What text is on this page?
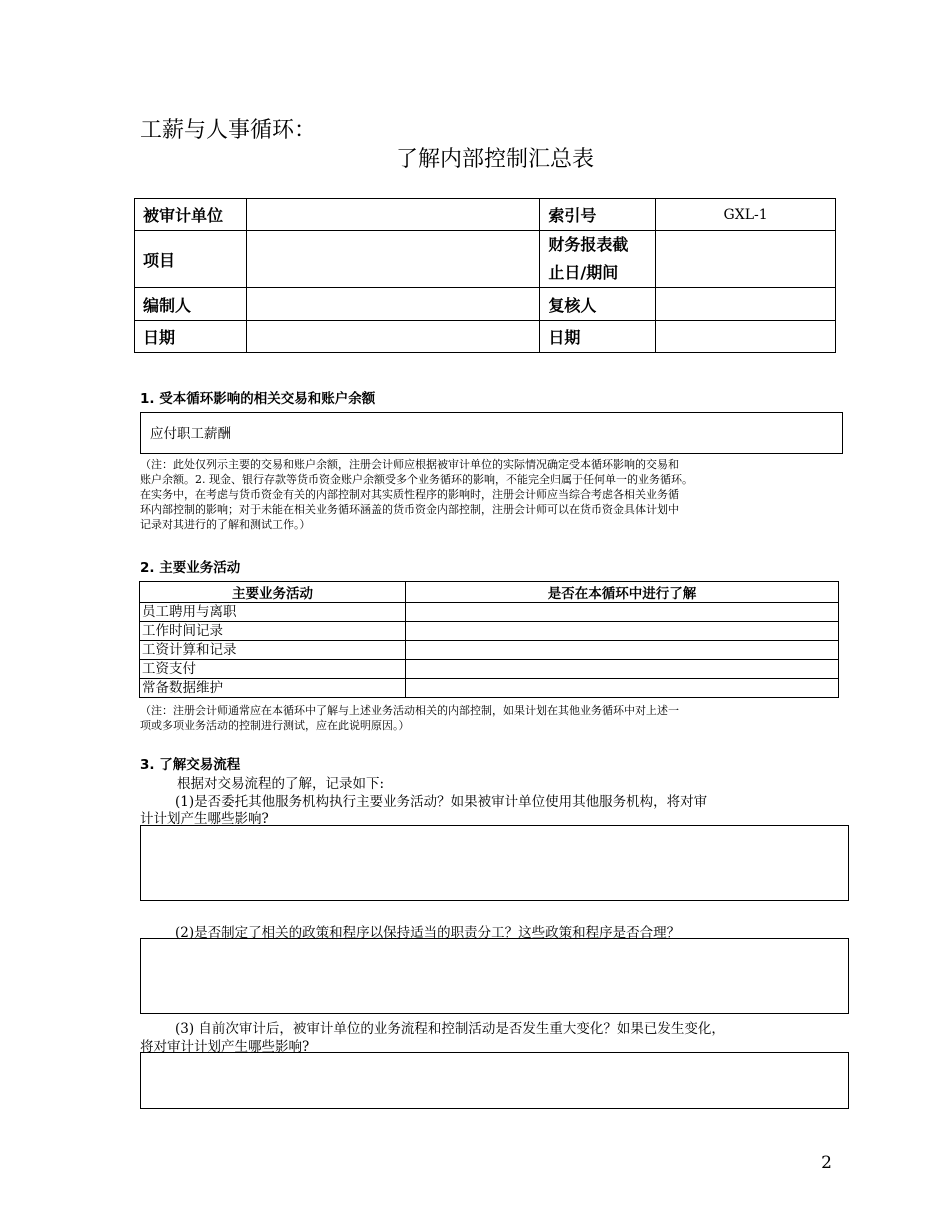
工薪与人事循环：
了解内部控制汇总表
被审计单位		索引号	GXL-1
项目		财务报表截
止日/期间	
编制人		复核人	
日期		日期	
1. 受本循环影响的相关交易和账户余额
应付职工薪酬
（注：此处仅列示主要的交易和账户余额，注册会计师应根据被审计单位的实际情况确定受本循环影响的交易和
账户余额。2. 现金、银行存款等货币资金账户余额受多个业务循环的影响，不能完全归属于任何单一的业务循环。
在实务中，在考虑与货币资金有关的内部控制对其实质性程序的影响时，注册会计师应当综合考虑各相关业务循
环内部控制的影响；对于未能在相关业务循环涵盖的货币资金内部控制，注册会计师可以在货币资金具体计划中
记录对其进行的了解和测试工作。）
2. 主要业务活动
主要业务活动	是否在本循环中进行了解
员工聘用与离职	
工作时间记录	
工资计算和记录	
工资支付	
常备数据维护	
（注：注册会计师通常应在本循环中了解与上述业务活动相关的内部控制，如果计划在其他业务循环中对上述一
项或多项业务活动的控制进行测试，应在此说明原因。）
3. 了解交易流程
根据对交易流程的了解，记录如下:
(1)是否委托其他服务机构执行主要业务活动？如果被审计单位使用其他服务机构，将对审
计计划产生哪些影响?
(2)是否制定了相关的政策和程序以保持适当的职责分工？这些政策和程序是否合理？
(3) 自前次审计后，被审计单位的业务流程和控制活动是否发生重大变化？如果已发生变化，
将对审计计划产生哪些影响?
2
